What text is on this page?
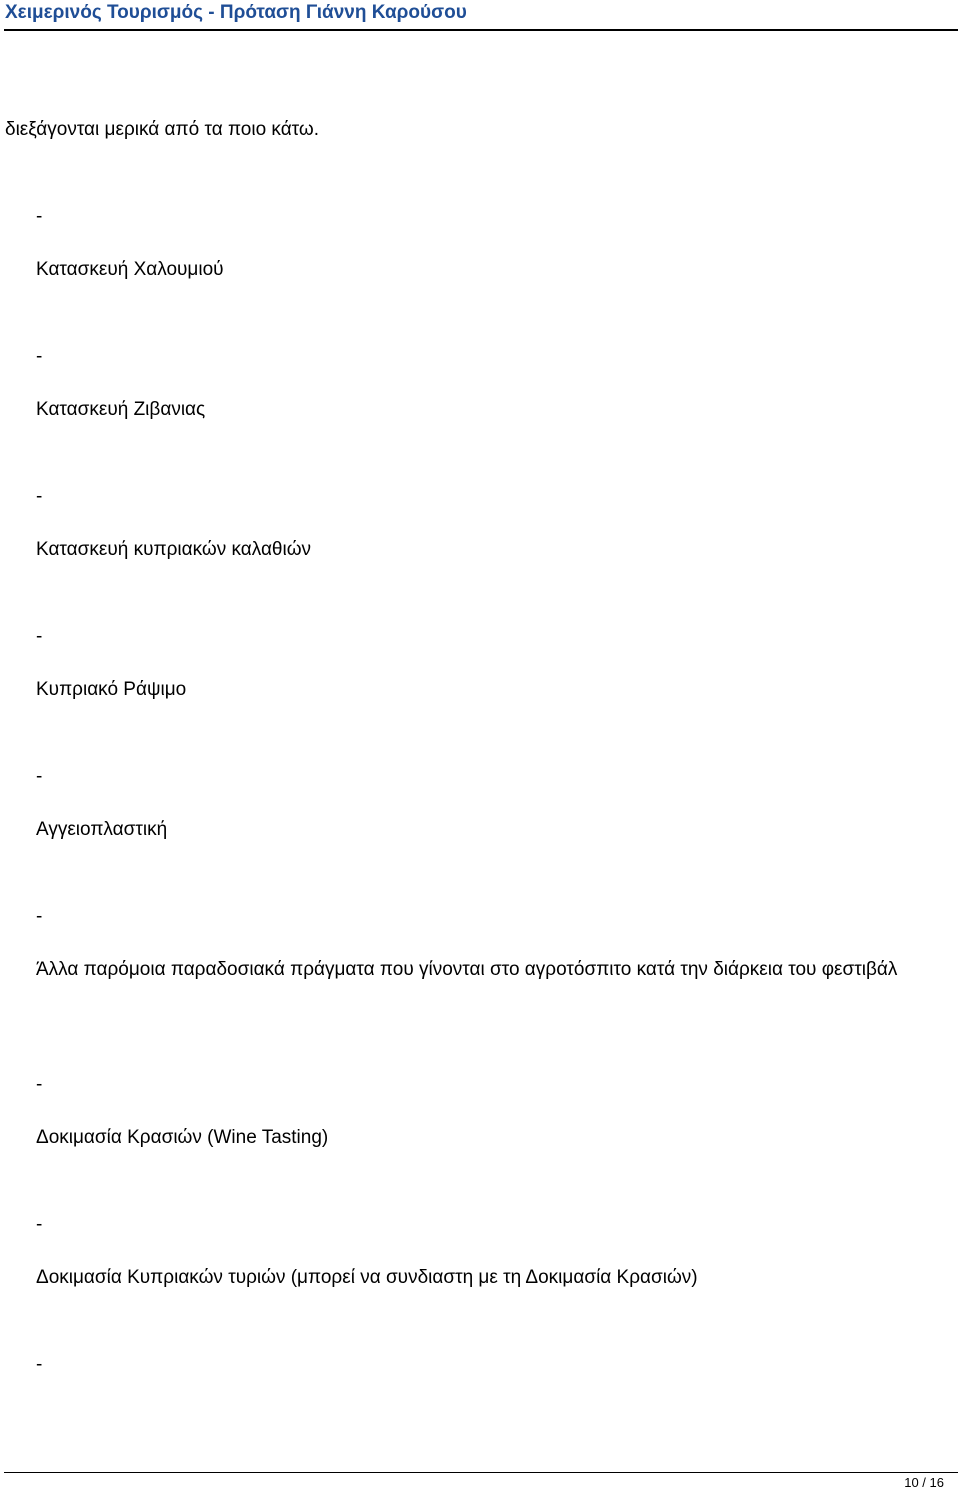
Χειμερινός Τουρισμός - Πρόταση Γιάννη Καρούσου
διεξάγονται μερικά από τα ποιο κάτω.
-
Κατασκευή Χαλουμιού
-
Κατασκευή Ζιβανιας
-
Κατασκευή κυπριακών καλαθιών
-
Κυπριακό Ράψιμο
-
Αγγειοπλαστική
-
Άλλα παρόμοια παραδοσιακά πράγματα που γίνονται στο αγροτόσπιτο κατά την διάρκεια του φεστιβάλ
-
Δοκιμασία Κρασιών (Wine Tasting)
-
Δοκιμασία Κυπριακών τυριών (μπορεί να συνδιαστη με τη Δοκιμασία Κρασιών)
-
10 / 16
